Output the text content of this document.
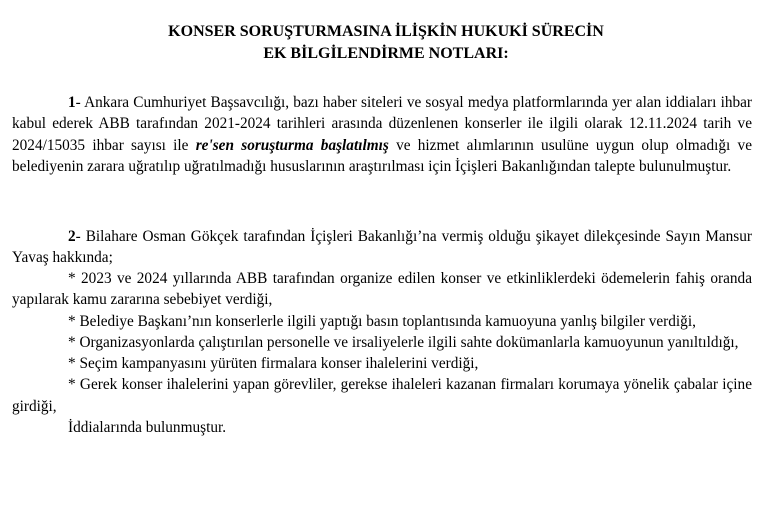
KONSER SORUŞTURMASINA İLİŞKİN HUKUKİ SÜRECİN
EK BİLGİLENDİRME NOTLARI:

1- Ankara Cumhuriyet Başsavcılığı, bazı haber siteleri ve sosyal medya platformlarında yer alan iddiaları ihbar kabul ederek ABB tarafından 2021-2024 tarihleri arasında düzenlenen konserler ile ilgili olarak 12.11.2024 tarih ve 2024/15035 ihbar sayısı ile re'sen soruşturma başlatılmış ve hizmet alımlarının usulüne uygun olup olmadığı ve belediyenin zarara uğratılıp uğratılmadığı hususlarının araştırılması için İçişleri Bakanlığından talepte bulunulmuştur.

2- Bilahare Osman Gökçek tarafından İçişleri Bakanlığı’na vermiş olduğu şikayet dilekçesinde Sayın Mansur Yavaş hakkında;

* 2023 ve 2024 yıllarında ABB tarafından organize edilen konser ve etkinliklerdeki ödemelerin fahiş oranda yapılarak kamu zararına sebebiyet verdiği,

* Belediye Başkanı’nın konserlerle ilgili yaptığı basın toplantısında kamuoyuna yanlış bilgiler verdiği,

* Organizasyonlarda çalıştırılan personelle ve irsaliyelerle ilgili sahte dokümanlarla kamuoyunun yanıltıldığı,

* Seçim kampanyasını yürüten firmalara konser ihalelerini verdiği,

* Gerek konser ihalelerini yapan görevliler, gerekse ihaleleri kazanan firmaları korumaya yönelik çabalar içine girdiği,

İddialarında bulunmuştur.
